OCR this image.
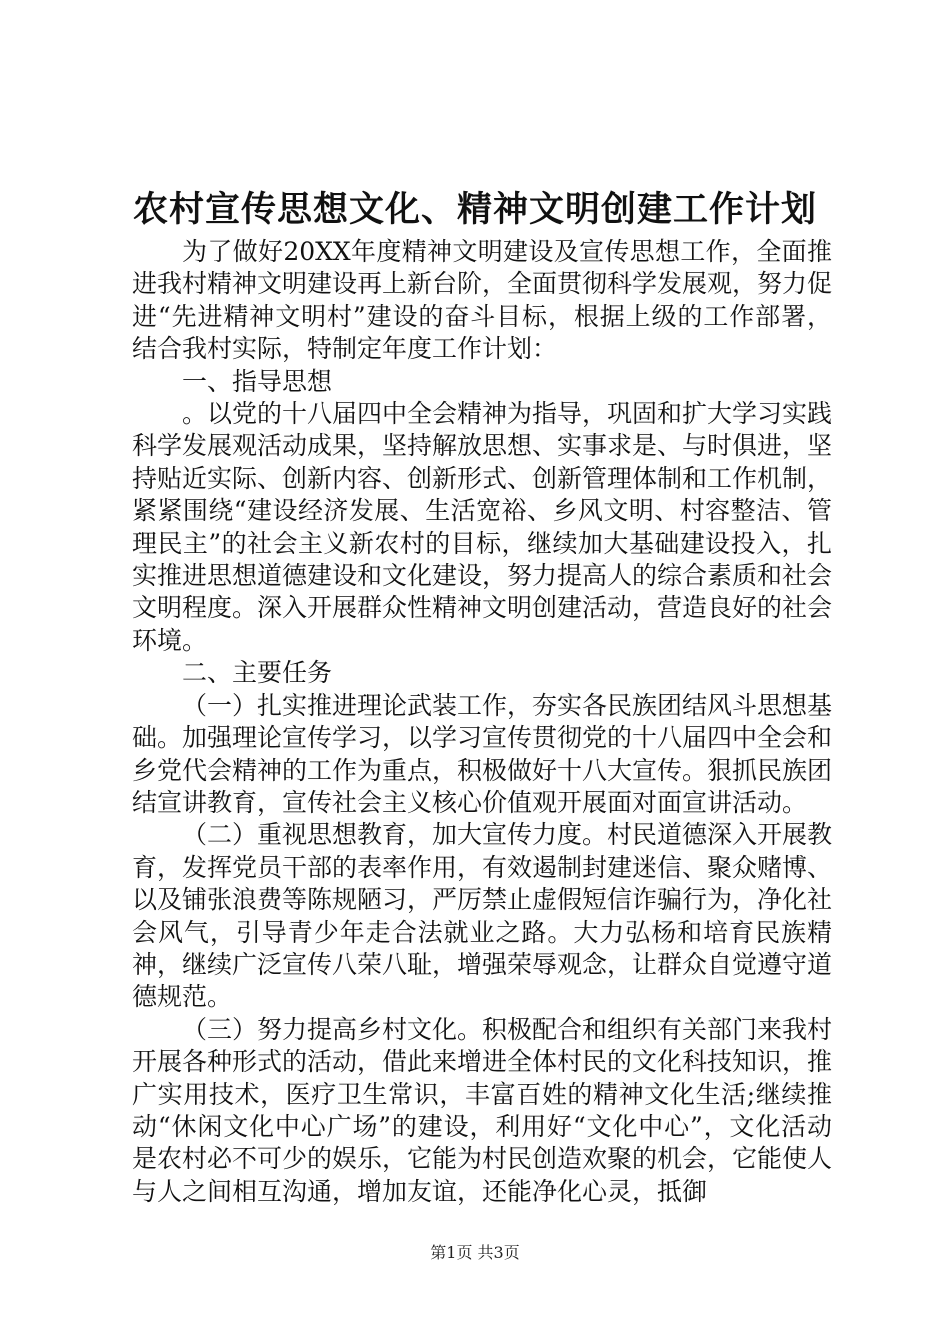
农村宣传思想文化、精神文明创建工作计划

为了做好20XX年度精神文明建设及宣传思想工作，全面推进我村精神文明建设再上新台阶，全面贯彻科学发展观，努力促进“先进精神文明村”建设的奋斗目标，根据上级的工作部署，结合我村实际，特制定年度工作计划：

一、指导思想

。以党的十八届四中全会精神为指导，巩固和扩大学习实践科学发展观活动成果，坚持解放思想、实事求是、与时俱进，坚持贴近实际、创新内容、创新形式、创新管理体制和工作机制，紧紧围绕“建设经济发展、生活宽裕、乡风文明、村容整洁、管理民主”的社会主义新农村的目标，继续加大基础建设投入，扎实推进思想道德建设和文化建设，努力提高人的综合素质和社会文明程度。深入开展群众性精神文明创建活动，营造良好的社会环境。

二、主要任务

（一）扎实推进理论武装工作，夯实各民族团结风斗思想基础。加强理论宣传学习，以学习宣传贯彻党的十八届四中全会和乡党代会精神的工作为重点，积极做好十八大宣传。狠抓民族团结宣讲教育，宣传社会主义核心价值观开展面对面宣讲活动。

（二）重视思想教育，加大宣传力度。村民道德深入开展教育，发挥党员干部的表率作用，有效遏制封建迷信、聚众赌博、以及铺张浪费等陈规陋习，严厉禁止虚假短信诈骗行为，净化社会风气，引导青少年走合法就业之路。大力弘杨和培育民族精神，继续广泛宣传八荣八耻，增强荣辱观念，让群众自觉遵守道德规范。

（三）努力提高乡村文化。积极配合和组织有关部门来我村开展各种形式的活动，借此来增进全体村民的文化科技知识，推广实用技术，医疗卫生常识，丰富百姓的精神文化生活;继续推动“休闲文化中心广场”的建设，利用好“文化中心”，文化活动是农村必不可少的娱乐，它能为村民创造欢聚的机会，它能使人与人之间相互沟通，增加友谊，还能净化心灵，抵御

第1页 共3页
